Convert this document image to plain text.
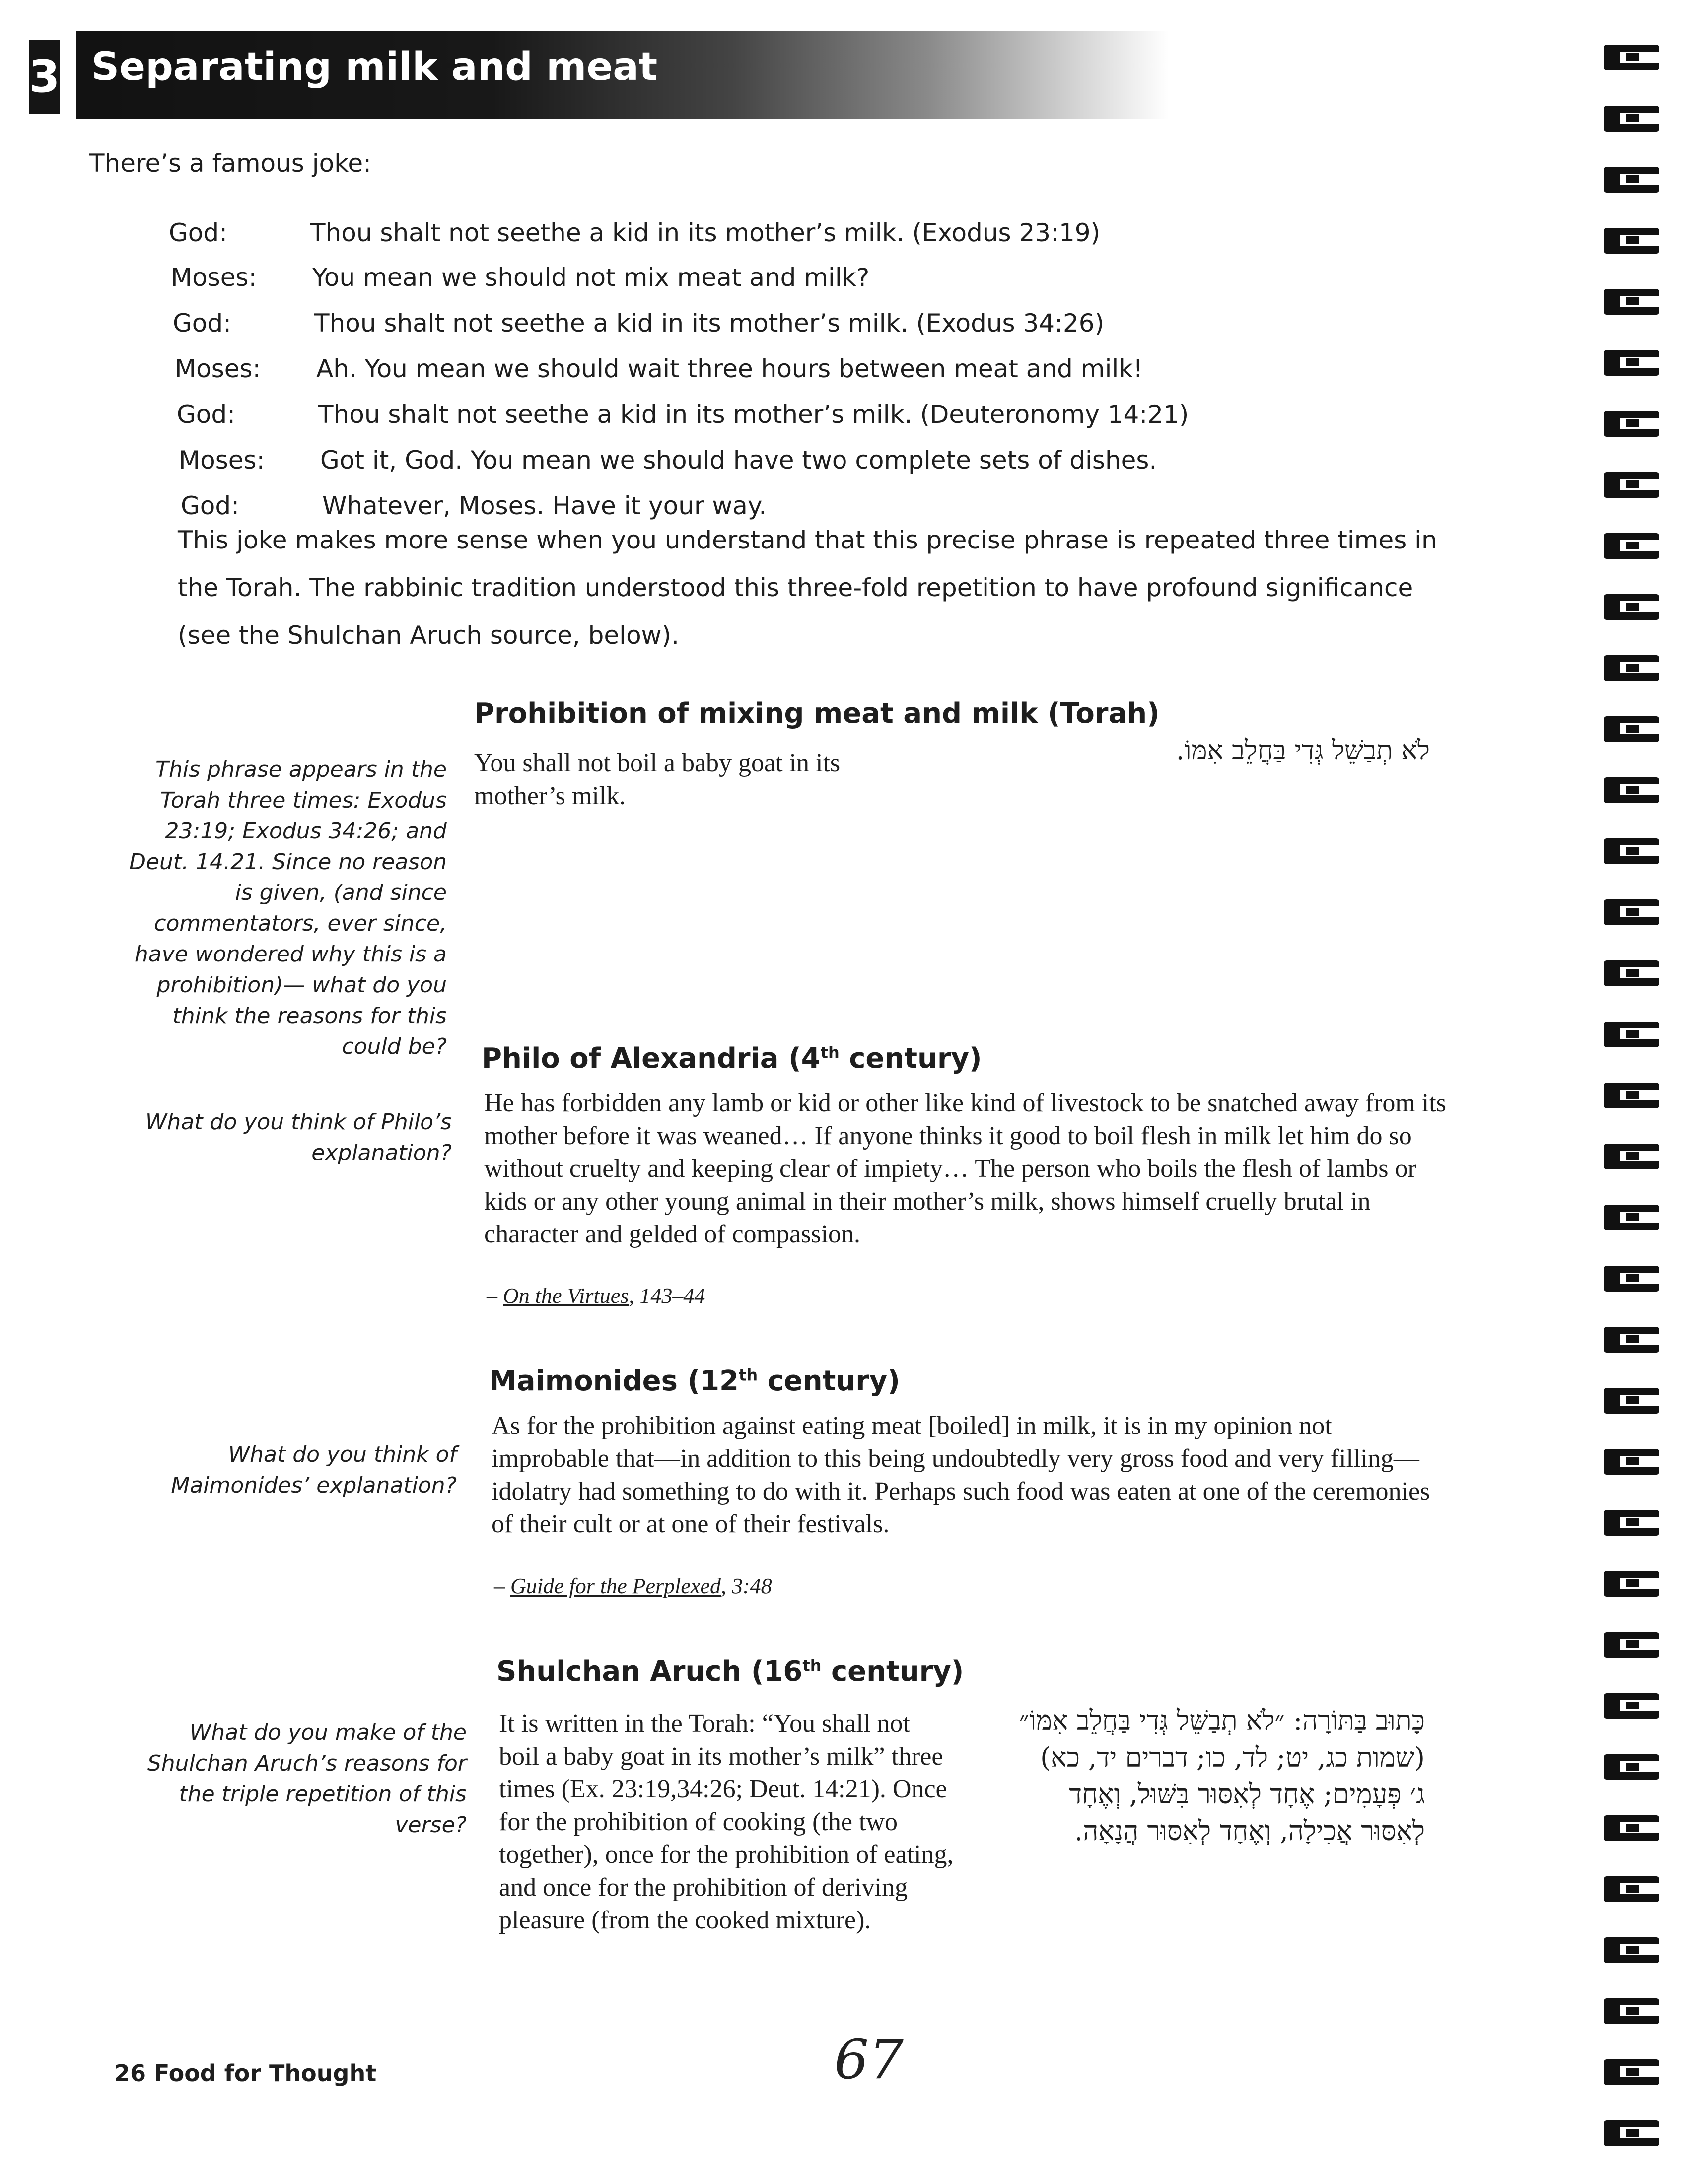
3 Separating milk and meat
There’s a famous joke:
God:	Thou shalt not seethe a kid in its mother’s milk. (Exodus 23:19)
Moses: You mean we should not mix meat and milk?
God:	Thou shalt not seethe a kid in its mother’s milk. (Exodus 34:26)
Moses: Ah. You mean we should wait three hours between meat and milk!
God:	Thou shalt not seethe a kid in its mother’s milk. (Deuteronomy 14:21)
Moses: Got it, God. You mean we should have two complete sets of dishes.
God:	Whatever, Moses. Have it your way.
This joke makes more sense when you understand that this precise phrase is repeated three times in the Torah. The rabbinic tradition understood this three-fold repetition to have profound significance (see the Shulchan Aruch source, below).
Prohibition of mixing meat and milk (Torah)
This phrase appears in the Torah three times: Exodus 23:19; Exodus 34:26; and Deut. 14.21. Since no reason is given, (and since commentators, ever since, have wondered why this is a prohibition)— what do you think the reasons for this could be?
You shall not boil a baby goat in its mother’s milk.
לֹא תְבַשֵּׁל גְּדִי בַּחֲלֵב אִמּוֹ.
Philo of Alexandria (4th century)
What do you think of Philo’s explanation?
He has forbidden any lamb or kid or other like kind of livestock to be snatched away from its mother before it was weaned… If anyone thinks it good to boil flesh in milk let him do so without cruelty and keeping clear of impiety… The person who boils the flesh of lambs or kids or any other young animal in their mother’s milk, shows himself cruelly brutal in character and gelded of compassion.
– On the Virtues, 143–44
Maimonides (12th century)
What do you think of Maimonides’ explanation?
As for the prohibition against eating meat [boiled] in milk, it is in my opinion not improbable that—in addition to this being undoubtedly very gross food and very filling—idolatry had something to do with it. Perhaps such food was eaten at one of the ceremonies of their cult or at one of their festivals.
– Guide for the Perplexed, 3:48
Shulchan Aruch (16th century)
What do you make of the Shulchan Aruch’s reasons for the triple repetition of this verse?
It is written in the Torah: “You shall not boil a baby goat in its mother’s milk” three times (Ex. 23:19,34:26; Deut. 14:21). Once for the prohibition of cooking (the two together), once for the prohibition of eating, and once for the prohibition of deriving pleasure (from the cooked mixture).
כָּתוּב בַּתּוֹרָה: ״לֹא תְבַשֵּׁל גְּדִי בַּחֲלֵב אִמּוֹ״ (שמות כג, יט; לד, כו; דברים יד, כא) ג׳ פְּעָמִים; אֶחָד לְאִסּוּר בִּשּׁוּל, וְאֶחָד לְאִסּוּר אֲכִילָה, וְאֶחָד לְאִסּוּר הֲנָאָה.
26 Food for Thought	67
